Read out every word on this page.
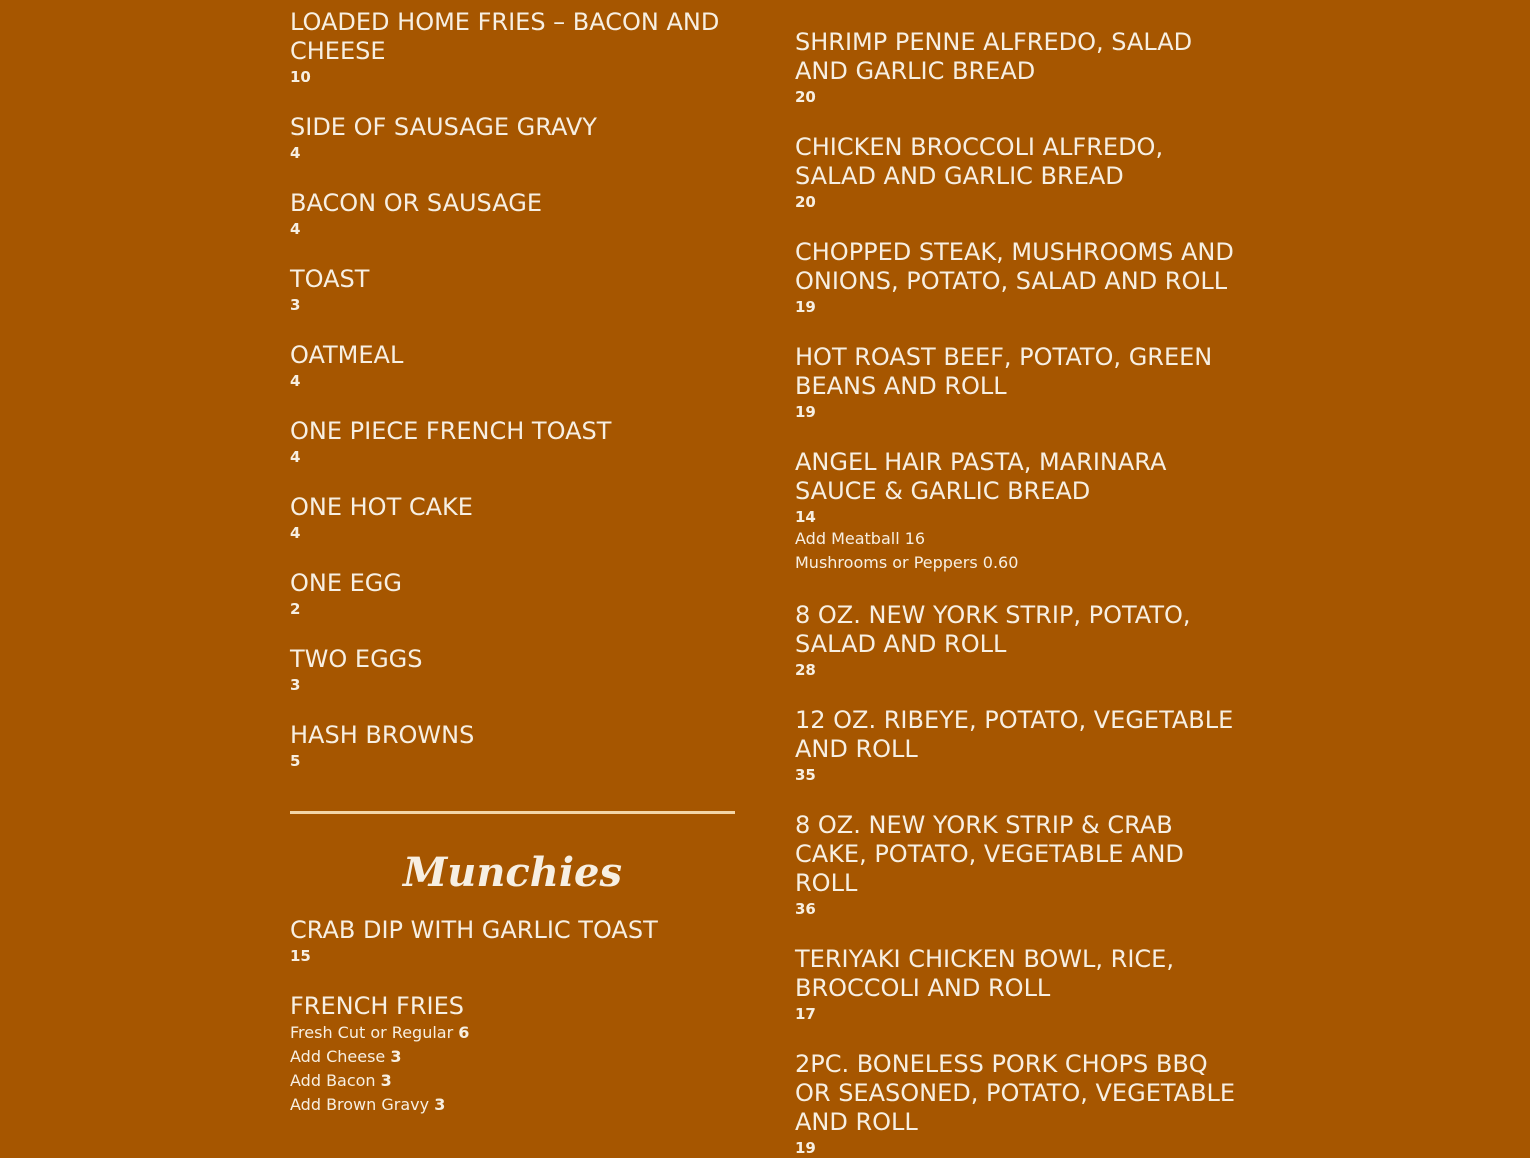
LOADED HOME FRIES – BACON AND CHEESE
10
SIDE OF SAUSAGE GRAVY
4
BACON OR SAUSAGE
4
TOAST
3
OATMEAL
4
ONE PIECE FRENCH TOAST
4
ONE HOT CAKE
4
ONE EGG
2
TWO EGGS
3
HASH BROWNS
5
Munchies
CRAB DIP WITH GARLIC TOAST
15
FRENCH FRIES
Fresh Cut or Regular 6
Add Cheese 3
Add Bacon 3
Add Brown Gravy 3
SHRIMP PENNE ALFREDO, SALAD AND GARLIC BREAD
20
CHICKEN BROCCOLI ALFREDO, SALAD AND GARLIC BREAD
20
CHOPPED STEAK, MUSHROOMS AND ONIONS, POTATO, SALAD AND ROLL
19
HOT ROAST BEEF, POTATO, GREEN BEANS AND ROLL
19
ANGEL HAIR PASTA, MARINARA SAUCE & GARLIC BREAD
14
Add Meatball 16
Mushrooms or Peppers 0.60
8 OZ. NEW YORK STRIP, POTATO, SALAD AND ROLL
28
12 OZ. RIBEYE, POTATO, VEGETABLE AND ROLL
35
8 OZ. NEW YORK STRIP & CRAB CAKE, POTATO, VEGETABLE AND ROLL
36
TERIYAKI CHICKEN BOWL, RICE, BROCCOLI AND ROLL
17
2PC. BONELESS PORK CHOPS BBQ OR SEASONED, POTATO, VEGETABLE AND ROLL
19
